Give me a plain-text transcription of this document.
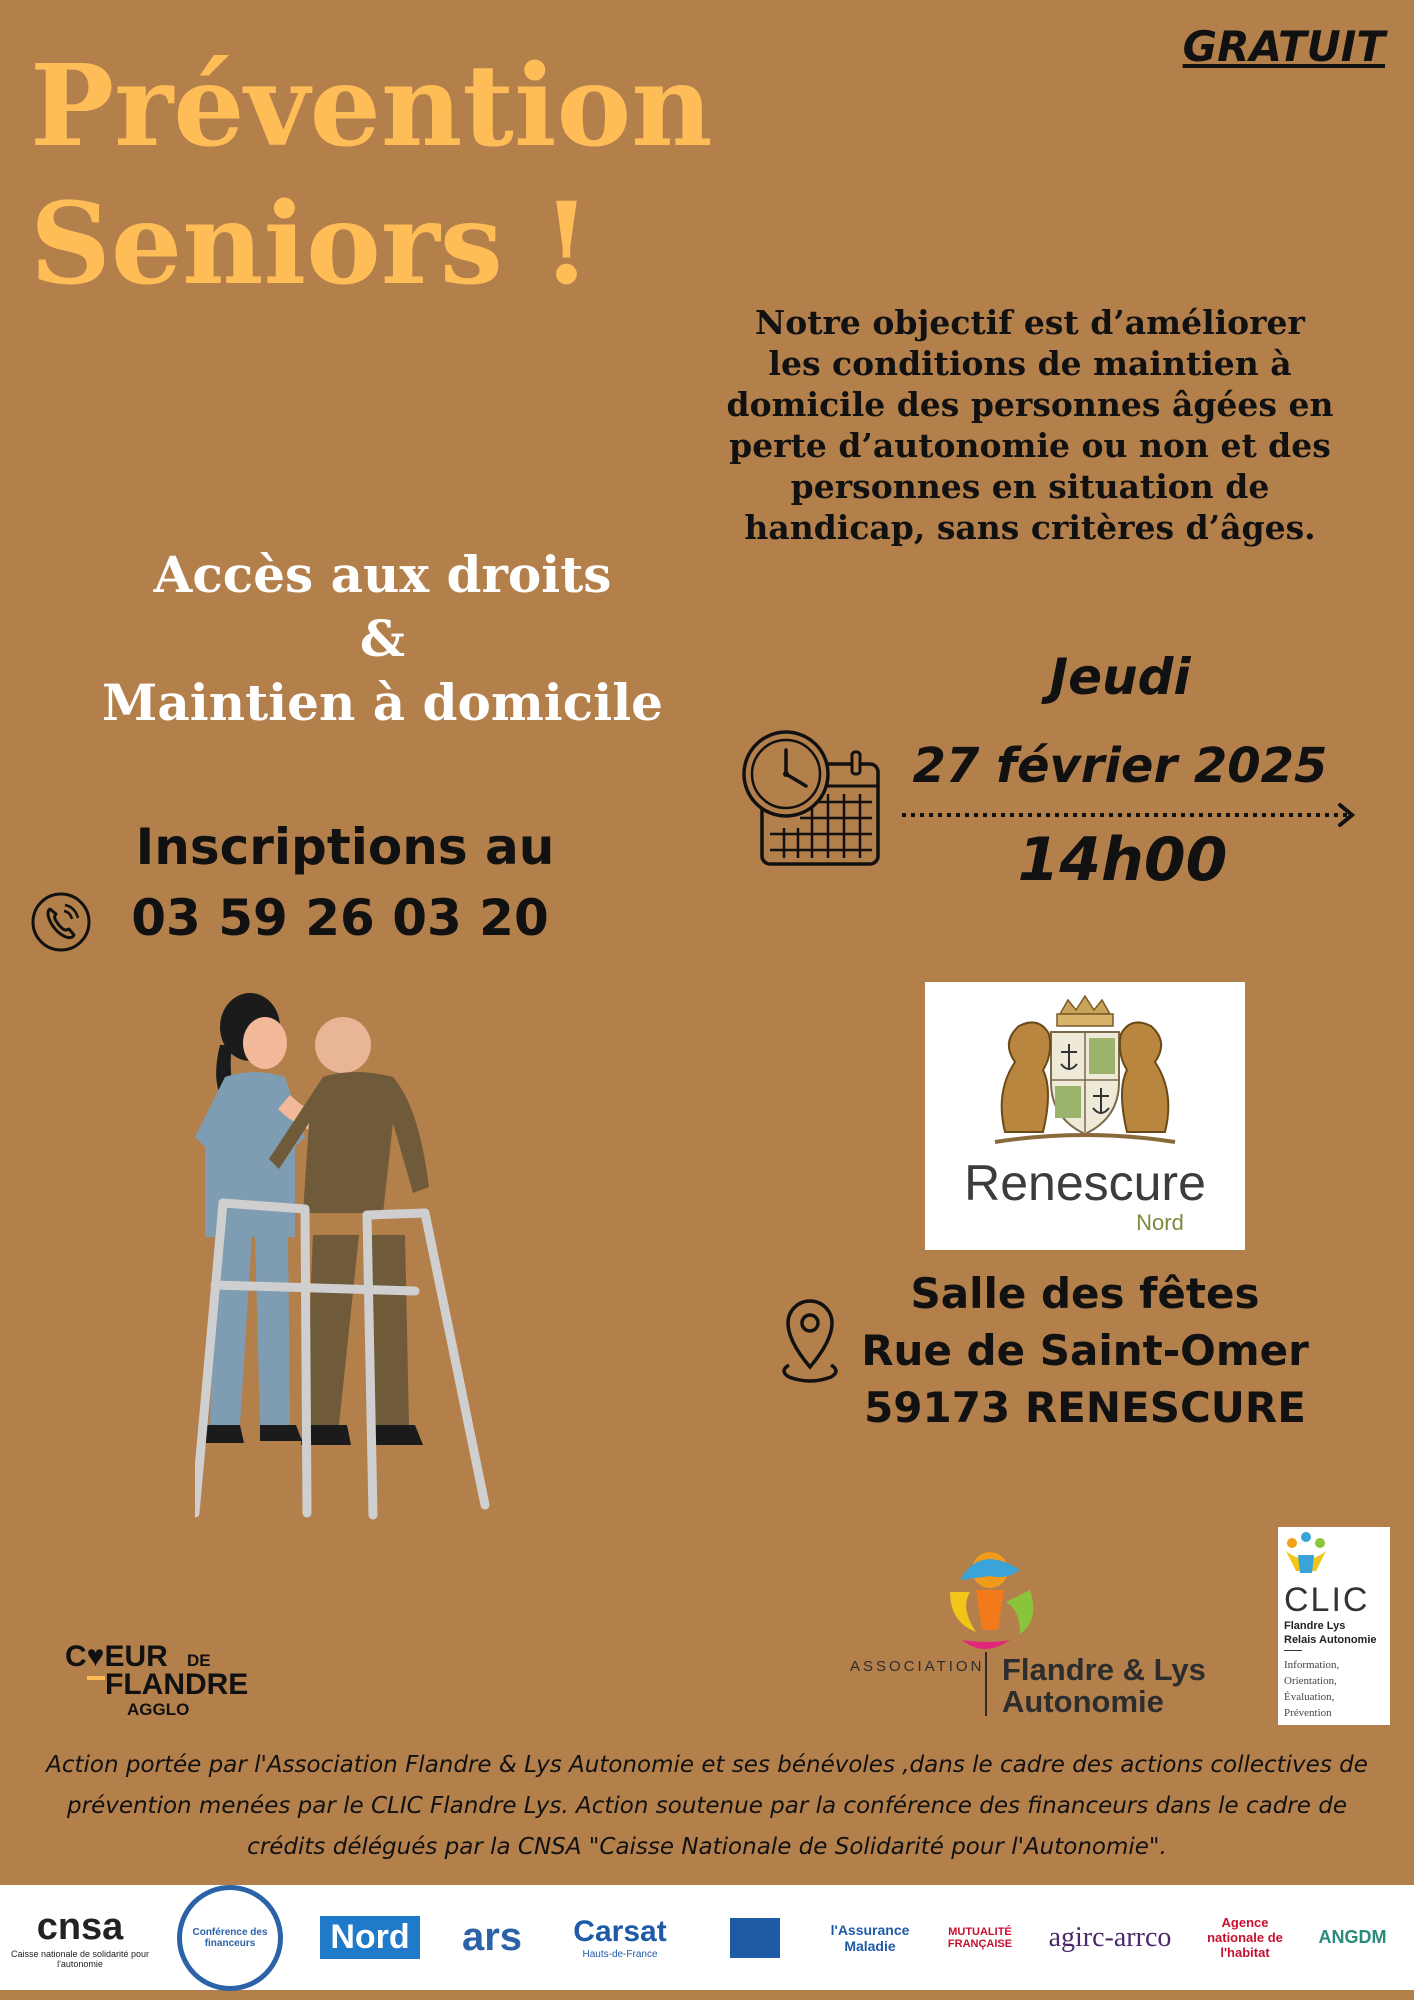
GRATUIT
Prévention
Seniors !
Notre objectif est d’améliorer
les conditions de maintien à
domicile des personnes âgées en
perte d’autonomie ou non et des
personnes en situation de
handicap, sans critères d’âges.
Accès aux droits
&
Maintien à domicile
Inscriptions au
03 59 26 03 20
Jeudi
27 février 2025
14h00
Renescure
Nord
Salle des fêtes
Rue de Saint-Omer
59173 RENESCURE
ASSOCIATION Flandre & Lys
Autonomie
CLIC
Flandre Lys
Relais Autonomie
Information,
Orientation,
Évaluation,
Prévention
C♥EUR DE
FLANDRE
AGGLO
Action portée par l'Association Flandre & Lys Autonomie et ses bénévoles ,dans le cadre des actions collectives de
prévention menées par le CLIC Flandre Lys. Action soutenue par la conférence des financeurs dans le cadre de
crédits délégués par la CNSA "Caisse Nationale de Solidarité pour l'Autonomie".
cnsa
Caisse nationale de solidarité pour l'autonomie
Conférence des financeurs	Nord	ars	Carsat
Hauts-de-France
l'Assurance Maladie
MUTUALITÉ FRANÇAISE	agirc-arrco	Agence nationale de l'habitat
ANGDM
